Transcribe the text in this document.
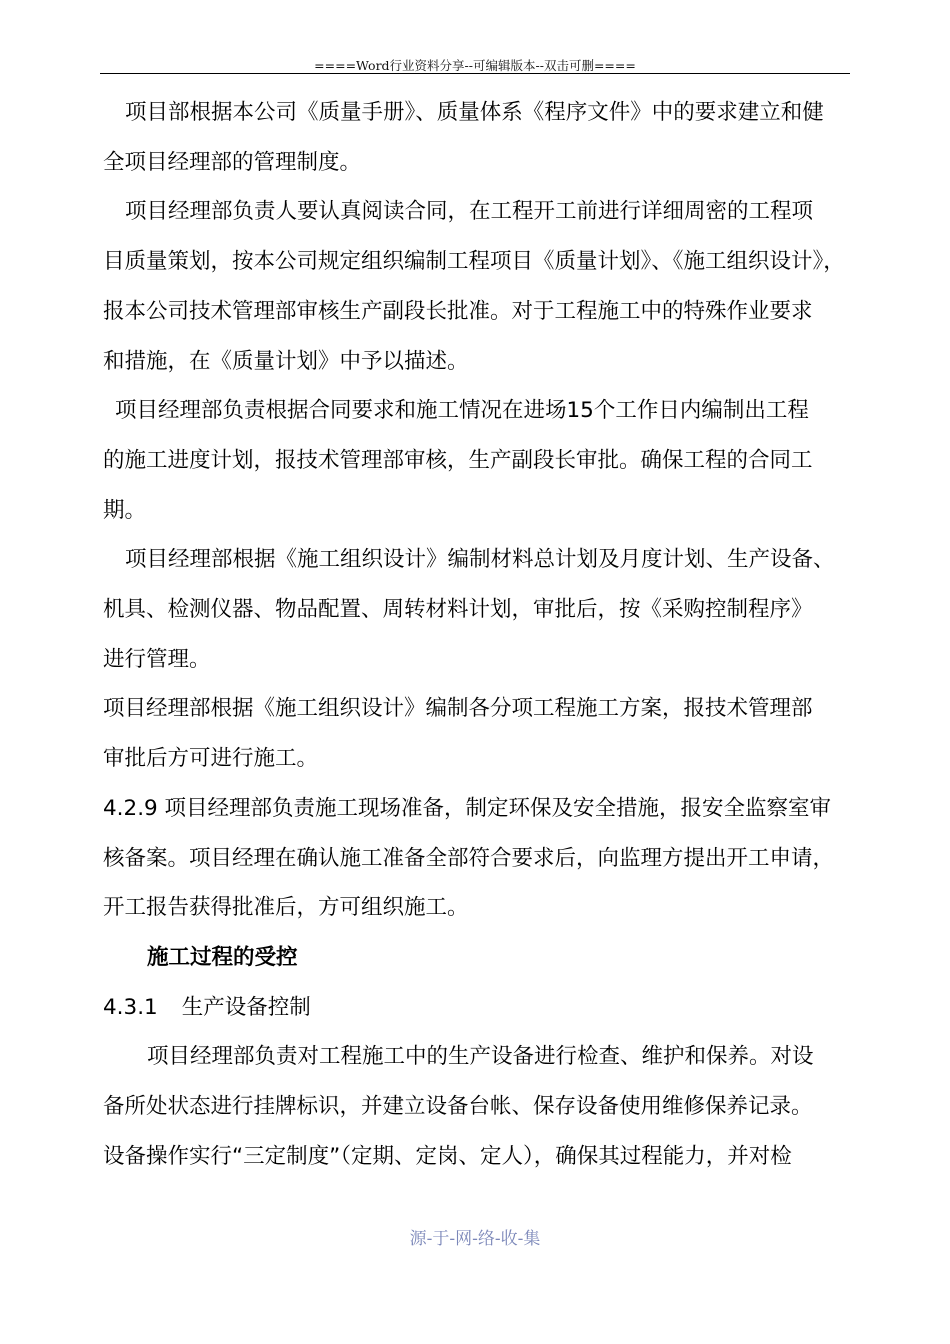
====Word行业资料分享--可编辑版本--双击可删====

项目部根据本公司《质量手册》、质量体系《程序文件》中的要求建立和健
全项目经理部的管理制度。

项目经理部负责人要认真阅读合同，在工程开工前进行详细周密的工程项
目质量策划，按本公司规定组织编制工程项目《质量计划》、《施工组织设计》，
报本公司技术管理部审核生产副段长批准。对于工程施工中的特殊作业要求
和措施，在《质量计划》中予以描述。

项目经理部负责根据合同要求和施工情况在进场15个工作日内编制出工程
的施工进度计划，报技术管理部审核，生产副段长审批。确保工程的合同工
期。

项目经理部根据《施工组织设计》编制材料总计划及月度计划、生产设备、
机具、检测仪器、物品配置、周转材料计划，审批后，按《采购控制程序》
进行管理。

项目经理部根据《施工组织设计》编制各分项工程施工方案，报技术管理部
审批后方可进行施工。

4.2.9 项目经理部负责施工现场准备，制定环保及安全措施，报安全监察室审
核备案。项目经理在确认施工准备全部符合要求后，向监理方提出开工申请，
开工报告获得批准后，方可组织施工。

施工过程的受控

4.3.1 生产设备控制

项目经理部负责对工程施工中的生产设备进行检查、维护和保养。对设
备所处状态进行挂牌标识，并建立设备台帐、保存设备使用维修保养记录。
设备操作实行“三定制度”（定期、定岗、定人），确保其过程能力，并对检

源-于-网-络-收-集
